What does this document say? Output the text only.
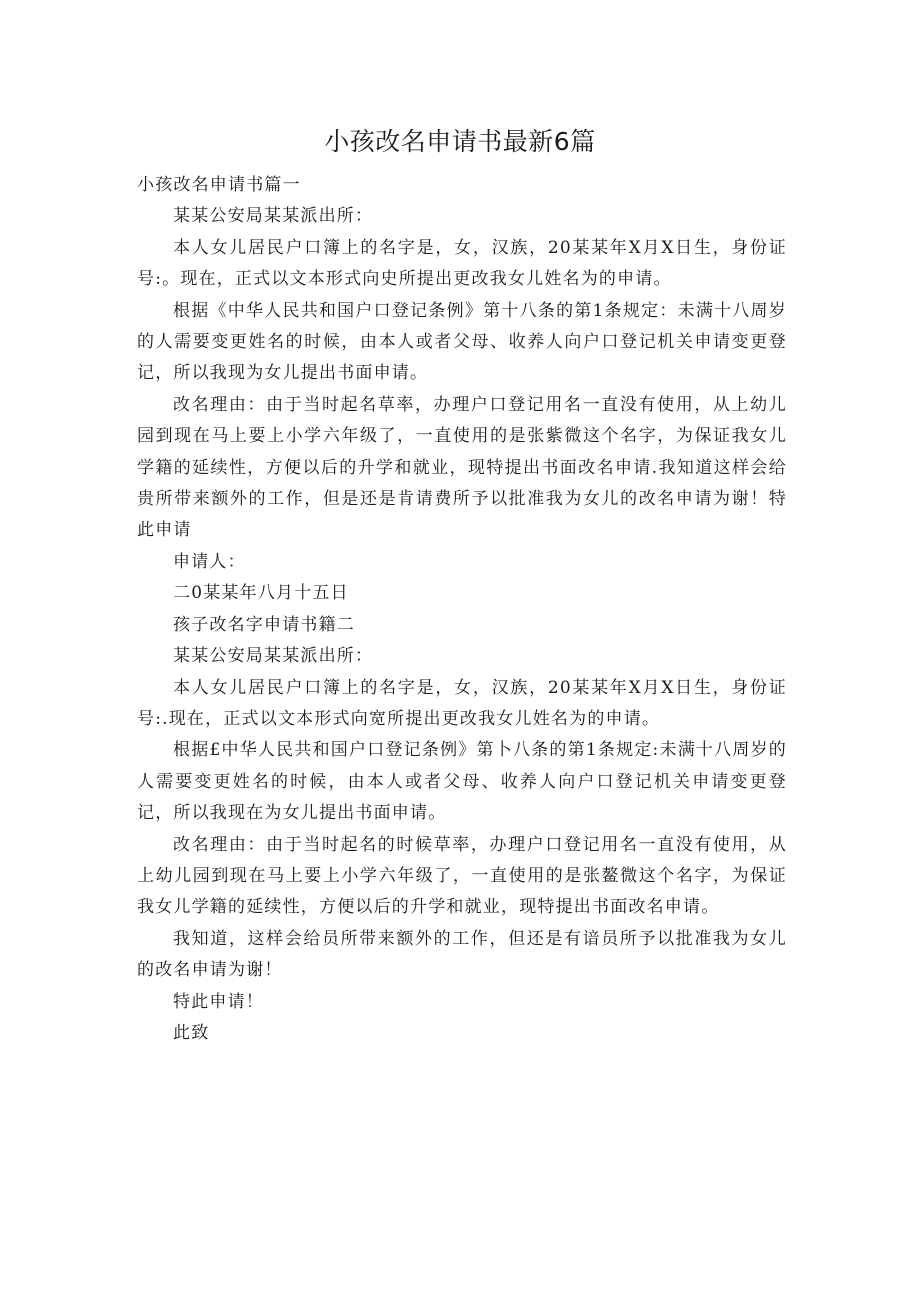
小孩改名申请书最新6篇

小孩改名申请书篇一

某某公安局某某派出所：

本人女儿居民户口簿上的名字是，女，汉族，20某某年X月X日生，身份证号:。现在，正式以文本形式向史所提出更改我女儿姓名为的申请。

根据《中华人民共和国户口登记条例》第十八条的第1条规定：未满十八周岁的人需要变更姓名的时候，由本人或者父母、收养人向户口登记机关申请变更登记，所以我现为女儿提出书面申请。

改名理由：由于当时起名草率，办理户口登记用名一直没有使用，从上幼儿园到现在马上要上小学六年级了，一直使用的是张紫微这个名字，为保证我女儿学籍的延续性，方便以后的升学和就业，现特提出书面改名申请.我知道这样会给贵所带来额外的工作，但是还是肯请费所予以批准我为女儿的改名申请为谢！特此申请

申请人：

二0某某年八月十五日

孩子改名字申请书籍二

某某公安局某某派出所：

本人女儿居民户口簿上的名字是，女，汉族，20某某年X月X日生，身份证号:.现在，正式以文本形式向宽所提出更改我女儿姓名为的申请。

根据£中华人民共和国户口登记条例》第卜八条的第1条规定:未满十八周岁的人需要变更姓名的时候，由本人或者父母、收养人向户口登记机关申请变更登记，所以我现在为女儿提出书面申请。

改名理由：由于当时起名的时候草率，办理户口登记用名一直没有使用，从上幼儿园到现在马上要上小学六年级了，一直使用的是张鳌微这个名字，为保证我女儿学籍的延续性，方便以后的升学和就业，现特提出书面改名申请。

我知道，这样会给员所带来额外的工作，但还是有谙员所予以批准我为女儿的改名申请为谢！

特此申请！

此致
